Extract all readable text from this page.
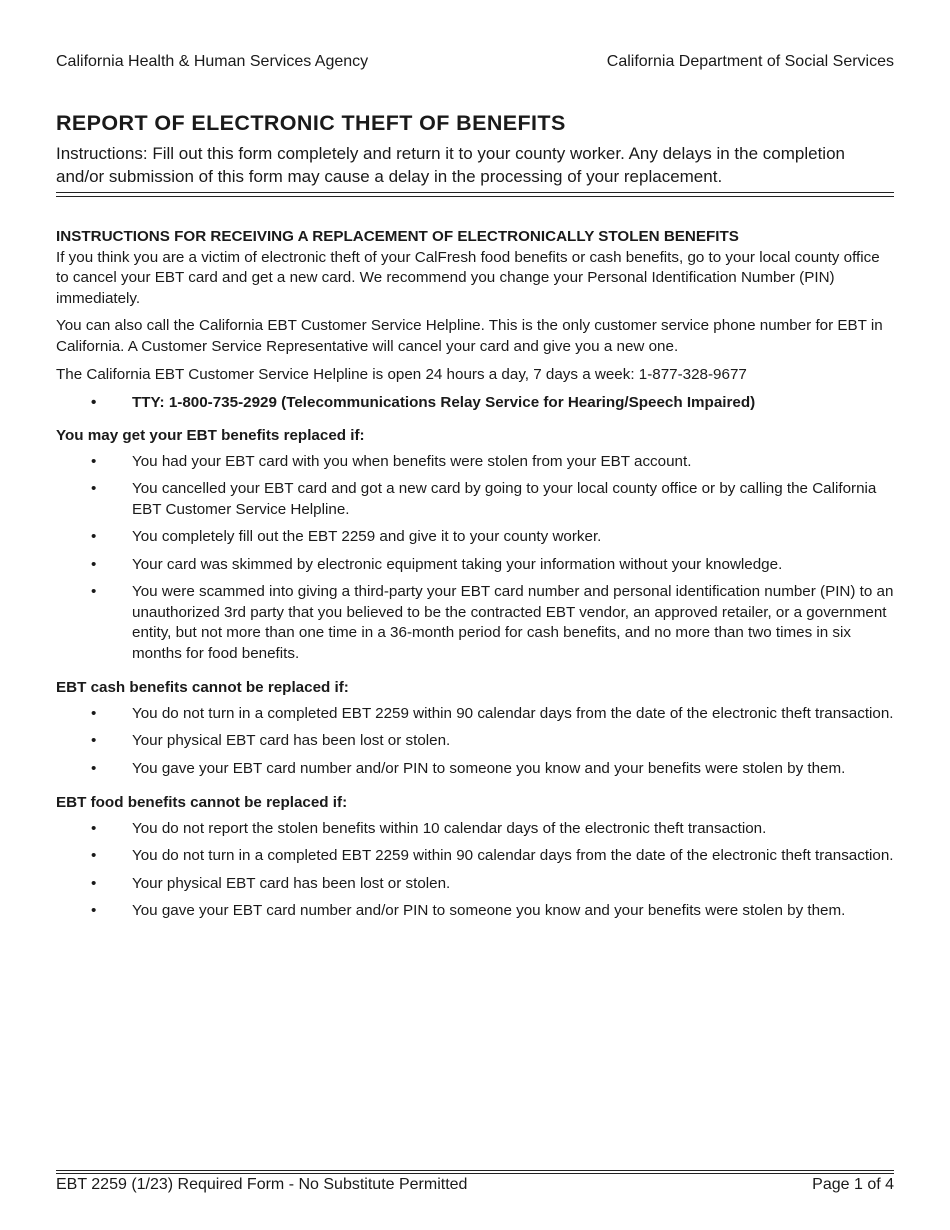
California Health & Human Services Agency	California Department of Social Services
REPORT OF ELECTRONIC THEFT OF BENEFITS

Instructions: Fill out this form completely and return it to your county worker. Any delays in the completion and/or submission of this form may cause a delay in the processing of your replacement.

INSTRUCTIONS FOR RECEIVING A REPLACEMENT OF ELECTRONICALLY STOLEN BENEFITS

If you think you are a victim of electronic theft of your CalFresh food benefits or cash benefits, go to your local county office to cancel your EBT card and get a new card. We recommend you change your Personal Identification Number (PIN) immediately.

You can also call the California EBT Customer Service Helpline. This is the only customer service phone number for EBT in California. A Customer Service Representative will cancel your card and give you a new one.

The California EBT Customer Service Helpline is open 24 hours a day, 7 days a week: 1-877-328-9677

• TTY: 1-800-735-2929 (Telecommunications Relay Service for Hearing/Speech Impaired)

You may get your EBT benefits replaced if:

• You had your EBT card with you when benefits were stolen from your EBT account.
• You cancelled your EBT card and got a new card by going to your local county office or by calling the California EBT Customer Service Helpline.
• You completely fill out the EBT 2259 and give it to your county worker.
• Your card was skimmed by electronic equipment taking your information without your knowledge.
• You were scammed into giving a third-party your EBT card number and personal identification number (PIN) to an unauthorized 3rd party that you believed to be the contracted EBT vendor, an approved retailer, or a government entity, but not more than one time in a 36-month period for cash benefits, and no more than two times in six months for food benefits.

EBT cash benefits cannot be replaced if:

• You do not turn in a completed EBT 2259 within 90 calendar days from the date of the electronic theft transaction.
• Your physical EBT card has been lost or stolen.
• You gave your EBT card number and/or PIN to someone you know and your benefits were stolen by them.

EBT food benefits cannot be replaced if:

• You do not report the stolen benefits within 10 calendar days of the electronic theft transaction.
• You do not turn in a completed EBT 2259 within 90 calendar days from the date of the electronic theft transaction.
• Your physical EBT card has been lost or stolen.
• You gave your EBT card number and/or PIN to someone you know and your benefits were stolen by them.
EBT 2259 (1/23) Required Form - No Substitute Permitted	Page 1 of 4
